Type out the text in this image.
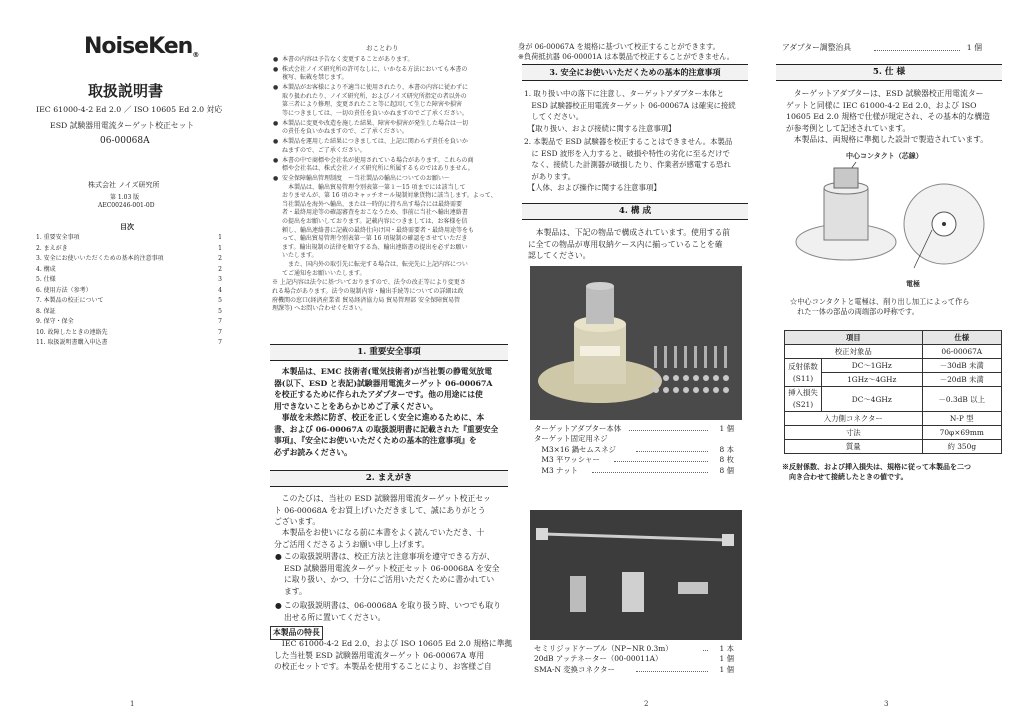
NoiseKen®
取扱説明書
IEC 61000-4-2 Ed 2.0 ／ ISO 10605 Ed 2.0 対応
ESD 試験器用電流ターゲット校正セット
06-00068A
株式会社 ノイズ研究所
第 1.03 版
AEC00246-001-0D
目次
1. 重要安全事項	1
2. まえがき	1
3. 安全にお使いいただくための基本的注意事項	2
4. 構成	2
5. 仕様	3
6. 使用方法（参考）	4
7. 本製品の校正について	5
8. 保証	5
9. 保守・保全	7
10. 故障したときの連絡先	7
11. 取扱説明書購入申込書	7
1
おことわり
● 本書の内容は予告なく変更することがあります。
● 株式会社ノイズ研究所の許可なしに、いかなる方法においても本書の
複写、転載を禁じます。
● 本製品がお客様により不適当に使用されたり、本書の内容に従わずに
取り扱われたり、ノイズ研究所、およびノイズ研究所指定の者以外の
第三者により修理、変更されたこと等に起因して生じた障害や損害
等につきましては、一切の責任を負いかねますのでご了承ください。
● 本製品に変更や改造を施した結果、障害や損害が発生した場合は一切
の責任を負いかねますので、ご了承ください。
● 本製品を運用した結果につきましては、上記に関わらず責任を負いか
ねますので、ご了承ください。
● 本書の中で商標や会社名が使用されている場合があります。これらの商
標や会社名は、株式会社ノイズ研究所に所属するものではありません。
● 安全保障輸出管理制度　～当社製品の輸出についてのお願い～
　本製品は、輸出貿易管理令別表第一第１～15 項までには該当して
おりませんが、第 16 項のキャッチオール規制対象貨物に該当します。よって、
当社製品を海外へ輸出、または一時的に持ち出す場合には最終需要
者・最終用途等の確認審査をおこなうため、事前に当社へ輸出連絡書
の提出をお願いしております。記載内容につきましては、お客様を信
頼し、輸出連絡書に記載の最終仕向け国・最終需要者・最終用途等をも
って、輸出貿易管理令別表第一第 16 項規制の確認をさせていただき
ます。輸出規制の法律を順守する為、輸出連絡書の提出を必ずお願い
いたします。
　また、国内外の取引先に転売する場合は、転売先に上記内容につい
てご通知をお願いいたします。
※ 上記内容は法令に基づいておりますので、法令の改正等により変更さ
れる場合があります。法令の規制内容・輸出手続等についての詳細は政
府機関の窓口(経済産業省 貿易経済協力局 貿易管理部 安全保障貿易管
理課等) へお問い合わせください。
1. 重要安全事項
　本製品は、EMC 技術者(電気技術者)が当社製の静電気放電
器(以下、ESD と表記)試験器用電流ターゲット 06-00067A
を校正するために作られたアダプターです。他の用途には使
用できないことをあらかじめご了承ください。
　事故を未然に防ぎ、校正を正しく安全に進めるために、本
書、および 06-00067A の取扱説明書に記載された『重要安全
事項』、『安全にお使いいただくための基本的注意事項』を
必ずお読みください。
2. まえがき
　このたびは、当社の ESD 試験器用電流ターゲット校正セッ
ト 06-00068A をお買上げいただきまして、誠にありがとう
ございます。
　本製品をお使いになる前に本書をよく読んでいただき、十
分ご活用くださるようお願い申し上げます。
● この取扱説明書は、校正方法と注意事項を遵守できる方が、
ESD 試験器用電流ターゲット校正セット 06-00068A を安全
に取り扱い、かつ、十分にご活用いただくために書かれてい
ます。
● この取扱説明書は、06-00068A を取り扱う時、いつでも取り
出せる所に置いてください。
本製品の特長
　IEC 61000-4-2 Ed 2.0、および ISO 10605 Ed 2.0 規格に準拠
した当社製 ESD 試験器用電流ターゲット 06-00067A 専用
の校正セットです。本製品を使用することにより、お客様ご自
身が 06-00067A を規格に基づいて校正することができます。
※負荷抵抗器 06-00001A は本製品で校正することができません。
3. 安全にお使いいただくための基本的注意事項
1. 取り扱い中の落下に注意し、ターゲットアダプター本体と
　ESD 試験器校正用電流ターゲット 06-00067A は確実に接続
　してください。
　【取り扱い、および接続に関する注意事項】
2. 本製品で ESD 試験器を校正することはできません。本製品
　に ESD 波形を入力すると、破損や特性の劣化に至るだけで
　なく、接続した計測器が破損したり、作業者が感電する恐れ
　があります。
　【人体、および操作に関する注意事項】
4. 構 成
　本製品は、下記の物品で構成されています。使用する前
に全ての物品が専用収納ケース内に揃っていることを確
認してください。
ターゲットアダプター本体	1 個
ターゲット固定用ネジ
　M3×16 鍋セムスネジ	8 本
　M3 平ワッシャー	8 枚
　M3 ナット	8 個
セミリジッドケーブル（NP~NR 0.3m）	1 本
20dB アッテネーター（00-00011A）	1 個
SMA-N 変換コネクター	1 個
2
アダプター調整治具	1 個
5. 仕 様
　ターゲットアダプターは、ESD 試験器校正用電流ター
ゲットと同様に IEC 61000-4-2 Ed 2.0、および ISO
10605 Ed 2.0 規格で仕様が規定され、その基本的な構造
が参考例として記述されています。
　本製品は、両規格に準拠した設計で製造されています。
中心コンタクト（芯線）
電極
☆中心コンタクトと電極は、削り出し加工によって作ら
　れた一体の部品の両端部の呼称です。
項目		仕様
校正対象品		06-00067A
反射係数
(S11)	DC～1GHz	－30dB 未満
	1GHz～4GHz	－20dB 未満
挿入損失
(S21)	DC～4GHz	－0.3dB 以上
入力側コネクター		N-P 型
寸法		70φ×69mm
質量		約 350g
※反射係数、および挿入損失は、規格に従って本製品を二つ
　向き合わせて接続したときの値です。
3
